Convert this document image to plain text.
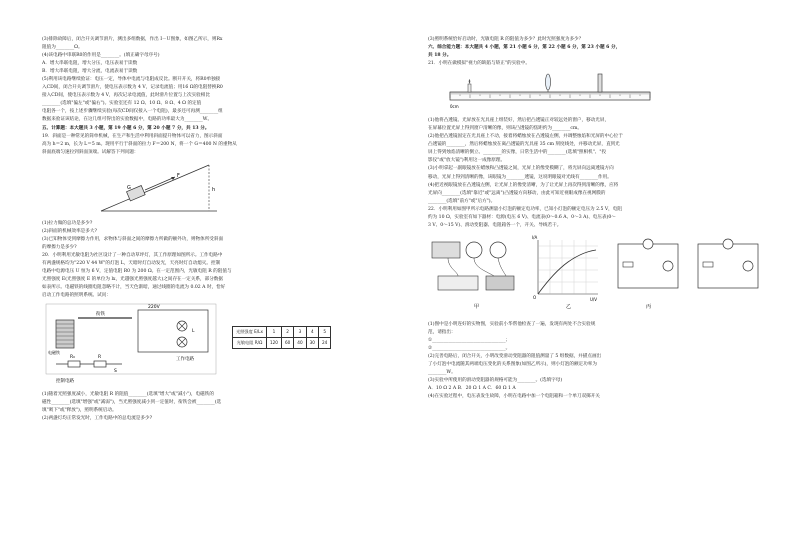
(3)排除故障后，闭合开关调节滑片，测出多组数据，作出 I－U图象，如图乙所示，则Rx
阻值为________Ω。
(4)该电路中串联R0的作用是________。(填正确字母序号)
A．增大串联电阻，增大分压，电压表易于读数
B．增大串联电阻，增大分流，电流表易于读数
(5)利用该电路继续验证：电压一定，导体中电流与电阻成反比。断开开关，将R0单独接
入CD间，闭合开关调节滑片，使电压表示数为 4 V，记录电流值；用16 Ω的电阻替换R0
接入CD间，使电压表示数为 4 V，再次记录电流值，此时滑片位置与上次实验相比
________(选填"偏左"或"偏右")。实验室还有 12 Ω、10 Ω、8 Ω、4 Ω 的定值
电阻各一个，按上述步骤继续实验(每次CD间仅接入一个电阻)，最多还可再测________组
数据来验证该结论，在这几组可得出的实验数据中，电路的功率最大为________W。
五、计算题：本大题共 3 小题，第 19 小题 6 分，第 20 小题 7 分，共 13 分。
19．斜面是一种常见的简单机械，在生产和生活中利用斜面提升物体可以省力，图示斜面
高为 h＝2 m，长为 L＝5 m。现用平行于斜面的拉力 F＝200 N，将一个 G＝400 N 的重物从
斜面底端匀速拉到斜面顶端。试解答下列问题：
F
G	h
(1)拉力做的总功是多少?
(2)斜面的机械效率是多大?
(3)已知物体受到摩擦力作用，求物体与斜面之间的摩擦力所做的额外功，则物体所受斜面
的摩擦力是多少?
20．小明利用光敏电阻为社区设计了一种自动草坪灯，其工作原理如图所示。工作电路中
有两盏规格均为"220 V 44 W"的灯泡 L，天暗时灯自动发光，天亮时灯自动熄灭。控制
电路中电源电压 U 恒为 6 V，定值电阻 R0 为 200 Ω。在一定范围内，光敏电阻 R 的阻值与
光照强度 E(光照强度 E 的单位为 lx，光越强光照强度越大)之间存在一定关系，部分数据
如表所示。电磁铁的线圈电阻忽略不计，当天色渐暗，通过线圈的电流为 0.02 A 时，恰好
启动工作电路的照明系统。试问：
衔铁
电磁铁
220V
L
工作电路
R₀	R
S
控制电路
光照强度 E/Lx	1	2	3	4	5
光敏电阻 R/Ω	120	60	40	30	24
(1)随着光照强度减小，光敏电阻 R 的阻值________(选填"增大"或"减小")，电磁铁的
磁性________(选填"增强"或"减弱")，当光照强度减小到一定值时，衔铁会被________(选
填"吸下"或"释放")，照明系统启动。
(2)两盏灯均正常发光时，工作电路中的总电流是多少?
(3)照明系统恰好启动时，光敏电阻 R 的阻值为多少？此时光照强度为多少？
六、综合能力题：本大题共 4 小题，第 21 小题 6 分，第 22 小题 6 分，第 23 小题 6 分，
共 18 分。
21．小明在做模拟"视力的缺陷与矫正"的实验中。
0cm
(1)他将凸透镜、光屏放在光具座上组装好，然后把凸透镜正对较远处的窗户，移动光屏，
在屏幕位置光屏上得到窗户清晰的像，则该凸透镜的焦距约为________cm。
(2)他把凸透镜固定在光具座上不动，接着将蜡烛放在凸透镜左侧，并调整烛焰和光屏的中心位于
凸透镜的________，然后将蜡烛放在离凸透镜的光具座 35 cm 刻度线处，并移动光屏，直到光
屏上得到烛焰清晰的倒立、________的实像，日常生活中的________(选填"照相机"、"投
影仪"或"放大镜")利用这一成像原理。
(3)小明拿起一副眼镜放在蜡烛和凸透镜之间，光屏上的像变模糊了，将光屏向远离透镜方向
移动，光屏上得到清晰的像，该眼镜为________透镜，这说明眼镜对光线有________作用。
(4)把近视眼镜放在凸透镜左侧，让光屏上的像变清晰，为了让光屏上再次得到清晰的像，应将
光屏向________(选填"靠近"或"远离")凸透镜方向移动，由此可知近视眼成像在视网膜的
________(选填"前方"或"后方")。
22．小明利用如图甲所示电路测量小灯泡的额定电功率，已知小灯泡的额定电压为 2.5 V，电阻
约为 10 Ω，实验室有如下器材：电源(电压 6 V)、电流表(0～0.6 A、0～3 A)、电压表(0～
3 V、0～15 V)、滑动变阻器、电阻箱各一个，开关、导线若干。
甲
I/A
U/V
O
乙	丙
(1)图中是小明连好的实物图，实验前小华帮他检查了一遍，发现有两处不合实验规
范，请指出：
①________________________________；
②________________________________。
(2)完善电路后，闭合开关，小明改变滑动变阻器的阻值测量了 5 组数据，并描点画出
了小灯泡中电流随其两端电压变化的关系图象(如图乙所示)，则小灯泡的额定功率为
________W。
(3)实验中所使用的滑动变阻器的规格可能为________。(选填字母)
A．10 Ω 2 A B．20 Ω 1 A C．60 Ω 1 A
(4)在实验过程中，电压表发生故障，小明在电路中加一个电阻箱和一个单刀双掷开关
